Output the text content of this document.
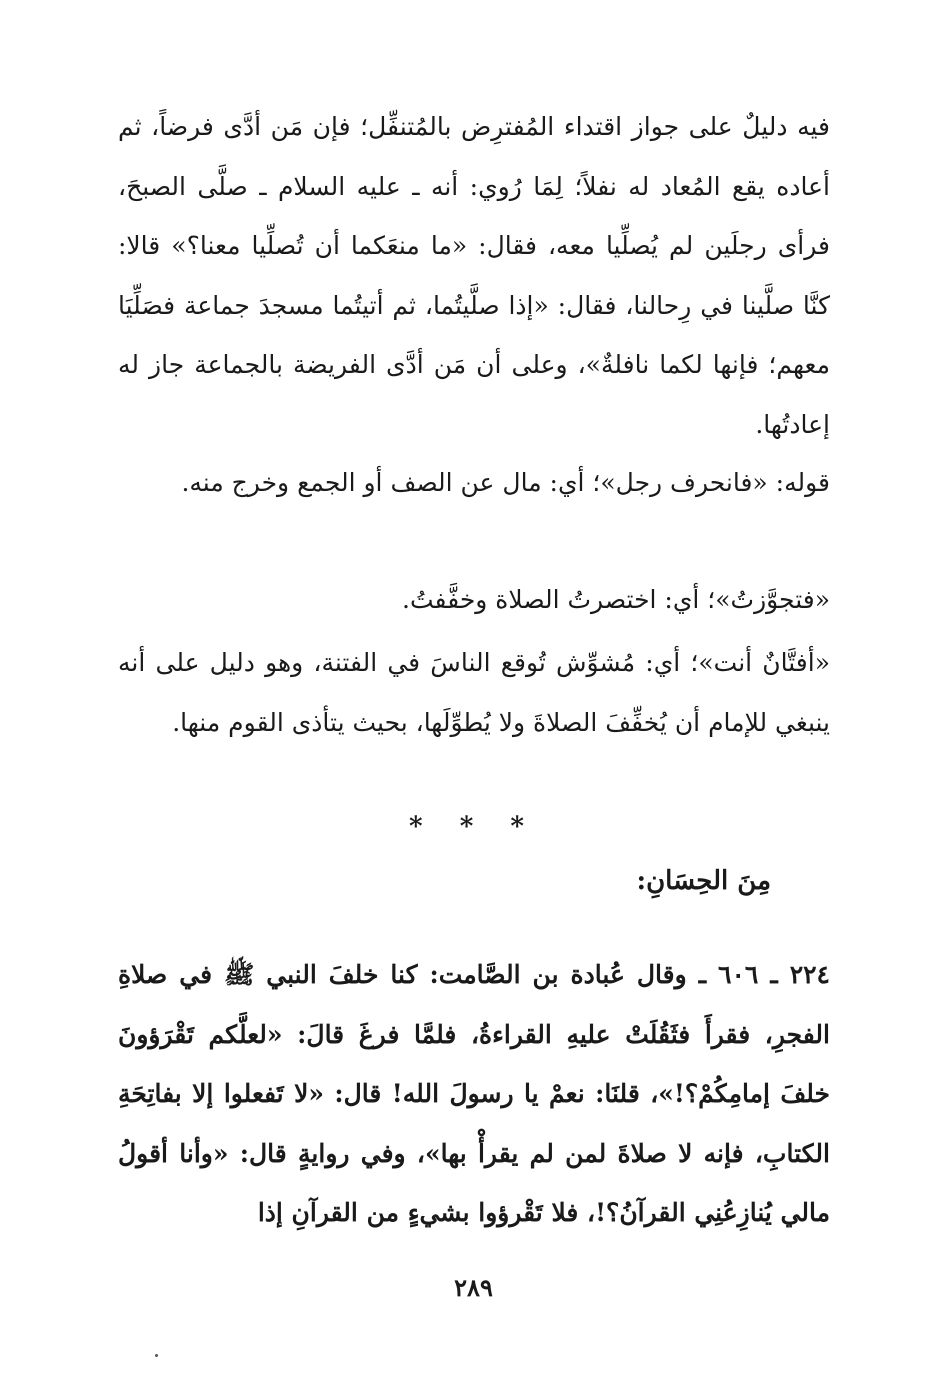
فيه دليلٌ على جواز اقتداء المُفترِض بالمُتنفِّل؛ فإن مَن أدَّى فرضاً، ثم أعاده يقع المُعاد له نفلاً؛ لِمَا رُوي: أنه ـ عليه السلام ـ صلَّى الصبحَ، فرأى رجلَين لم يُصلِّيا معه، فقال: «ما منعَكما أن تُصلِّيا معنا؟» قالا: كنَّا صلَّينا في رِحالنا، فقال: «إذا صلَّيتُما، ثم أتيتُما مسجدَ جماعة فصَلِّيَا معهم؛ فإنها لكما نافلةٌ»، وعلى أن مَن أدَّى الفريضة بالجماعة جاز له إعادتُها.
قوله: «فانحرف رجل»؛ أي: مال عن الصف أو الجمع وخرج منه.
«فتجوَّزتُ»؛ أي: اختصرتُ الصلاة وخفَّفتُ.
«أفتَّانٌ أنت»؛ أي: مُشوِّش تُوقع الناسَ في الفتنة، وهو دليل على أنه ينبغي للإمام أن يُخفِّفَ الصلاةَ ولا يُطوِّلَها، بحيث يتأذى القوم منها.
* * *
مِنَ الحِسَانِ:
٢٢٤ ـ ٦٠٦ ـ وقال عُبادة بن الصَّامت: كنا خلفَ النبي ﷺ في صلاةِ الفجرِ، فقرأَ فثَقُلَتْ عليهِ القراءةُ، فلمَّا فرغَ قالَ: «لعلَّكم تَقْرَؤونَ خلفَ إمامِكُمْ؟!»، قلنَا: نعمْ يا رسولَ الله! قال: «لا تَفعلوا إلا بفاتِحَةِ الكتابِ، فإنه لا صلاةَ لمن لم يقرأْ بها»، وفي روايةٍ قال: «وأنا أقولُ مالي يُنازِعُنِي القرآنُ؟!، فلا تَقْرؤوا بشيءٍ من القرآنِ إذا
٢٨٩
